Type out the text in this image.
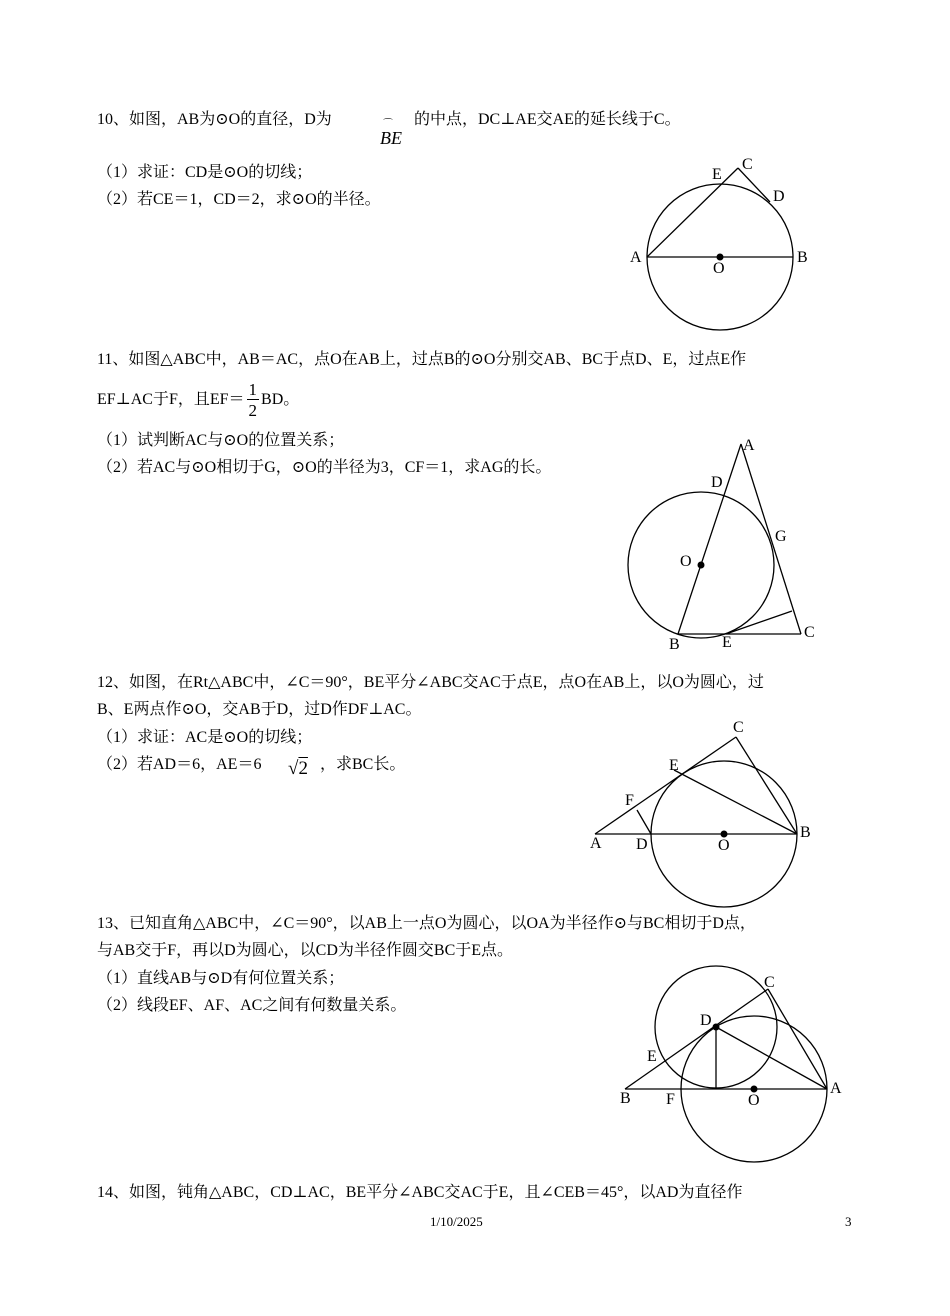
10、如图，AB为⊙O的直径，D为	⌒
BE
的中点，DC⊥AE交AE的延长线于C。
（1）求证：CD是⊙O的切线；
（2）若CE＝1，CD＝2，求⊙O的半径。
A	B
O
E
C
D
11、如图△ABC中，AB＝AC，点O在AB上，过点B的⊙O分别交AB、BC于点D、E，过点E作
EF⊥AC于F，且$EF= \frac{1}{2}$ BD。
（1）试判断AC与⊙O的位置关系；
（2）若AC与⊙O相切于G，⊙O的半径为3，CF＝1，求AG的长。
A
D
G
O
B	E
C
12、如图，在Rt△ABC中，∠C＝90°，BE平分∠ABC交AC于点E，点O在AB上，以O为圆心，过
B、E两点作⊙O，交AB于D，过D作DF⊥AC。
（1）求证：AC是⊙O的切线；
（2）若AD＝6，AE＝6 √2 ，求BC长。
C
E
F
A D	O
B
13、已知直角△ABC中，∠C＝90°，以AB上一点O为圆心，以OA为半径作⊙与BC相切于D点，
与AB交于F，再以D为圆心，以CD为半径作圆交BC于E点。
（1）直线AB与⊙D有何位置关系；
（2）线段EF、AF、AC之间有何数量关系。
C
D
E
B F	O
A
14、如图，钝角△ABC，CD⊥AC，BE平分∠ABC交AC于E，且∠CEB＝45°，以AD为直径作
1/10/2025	3
